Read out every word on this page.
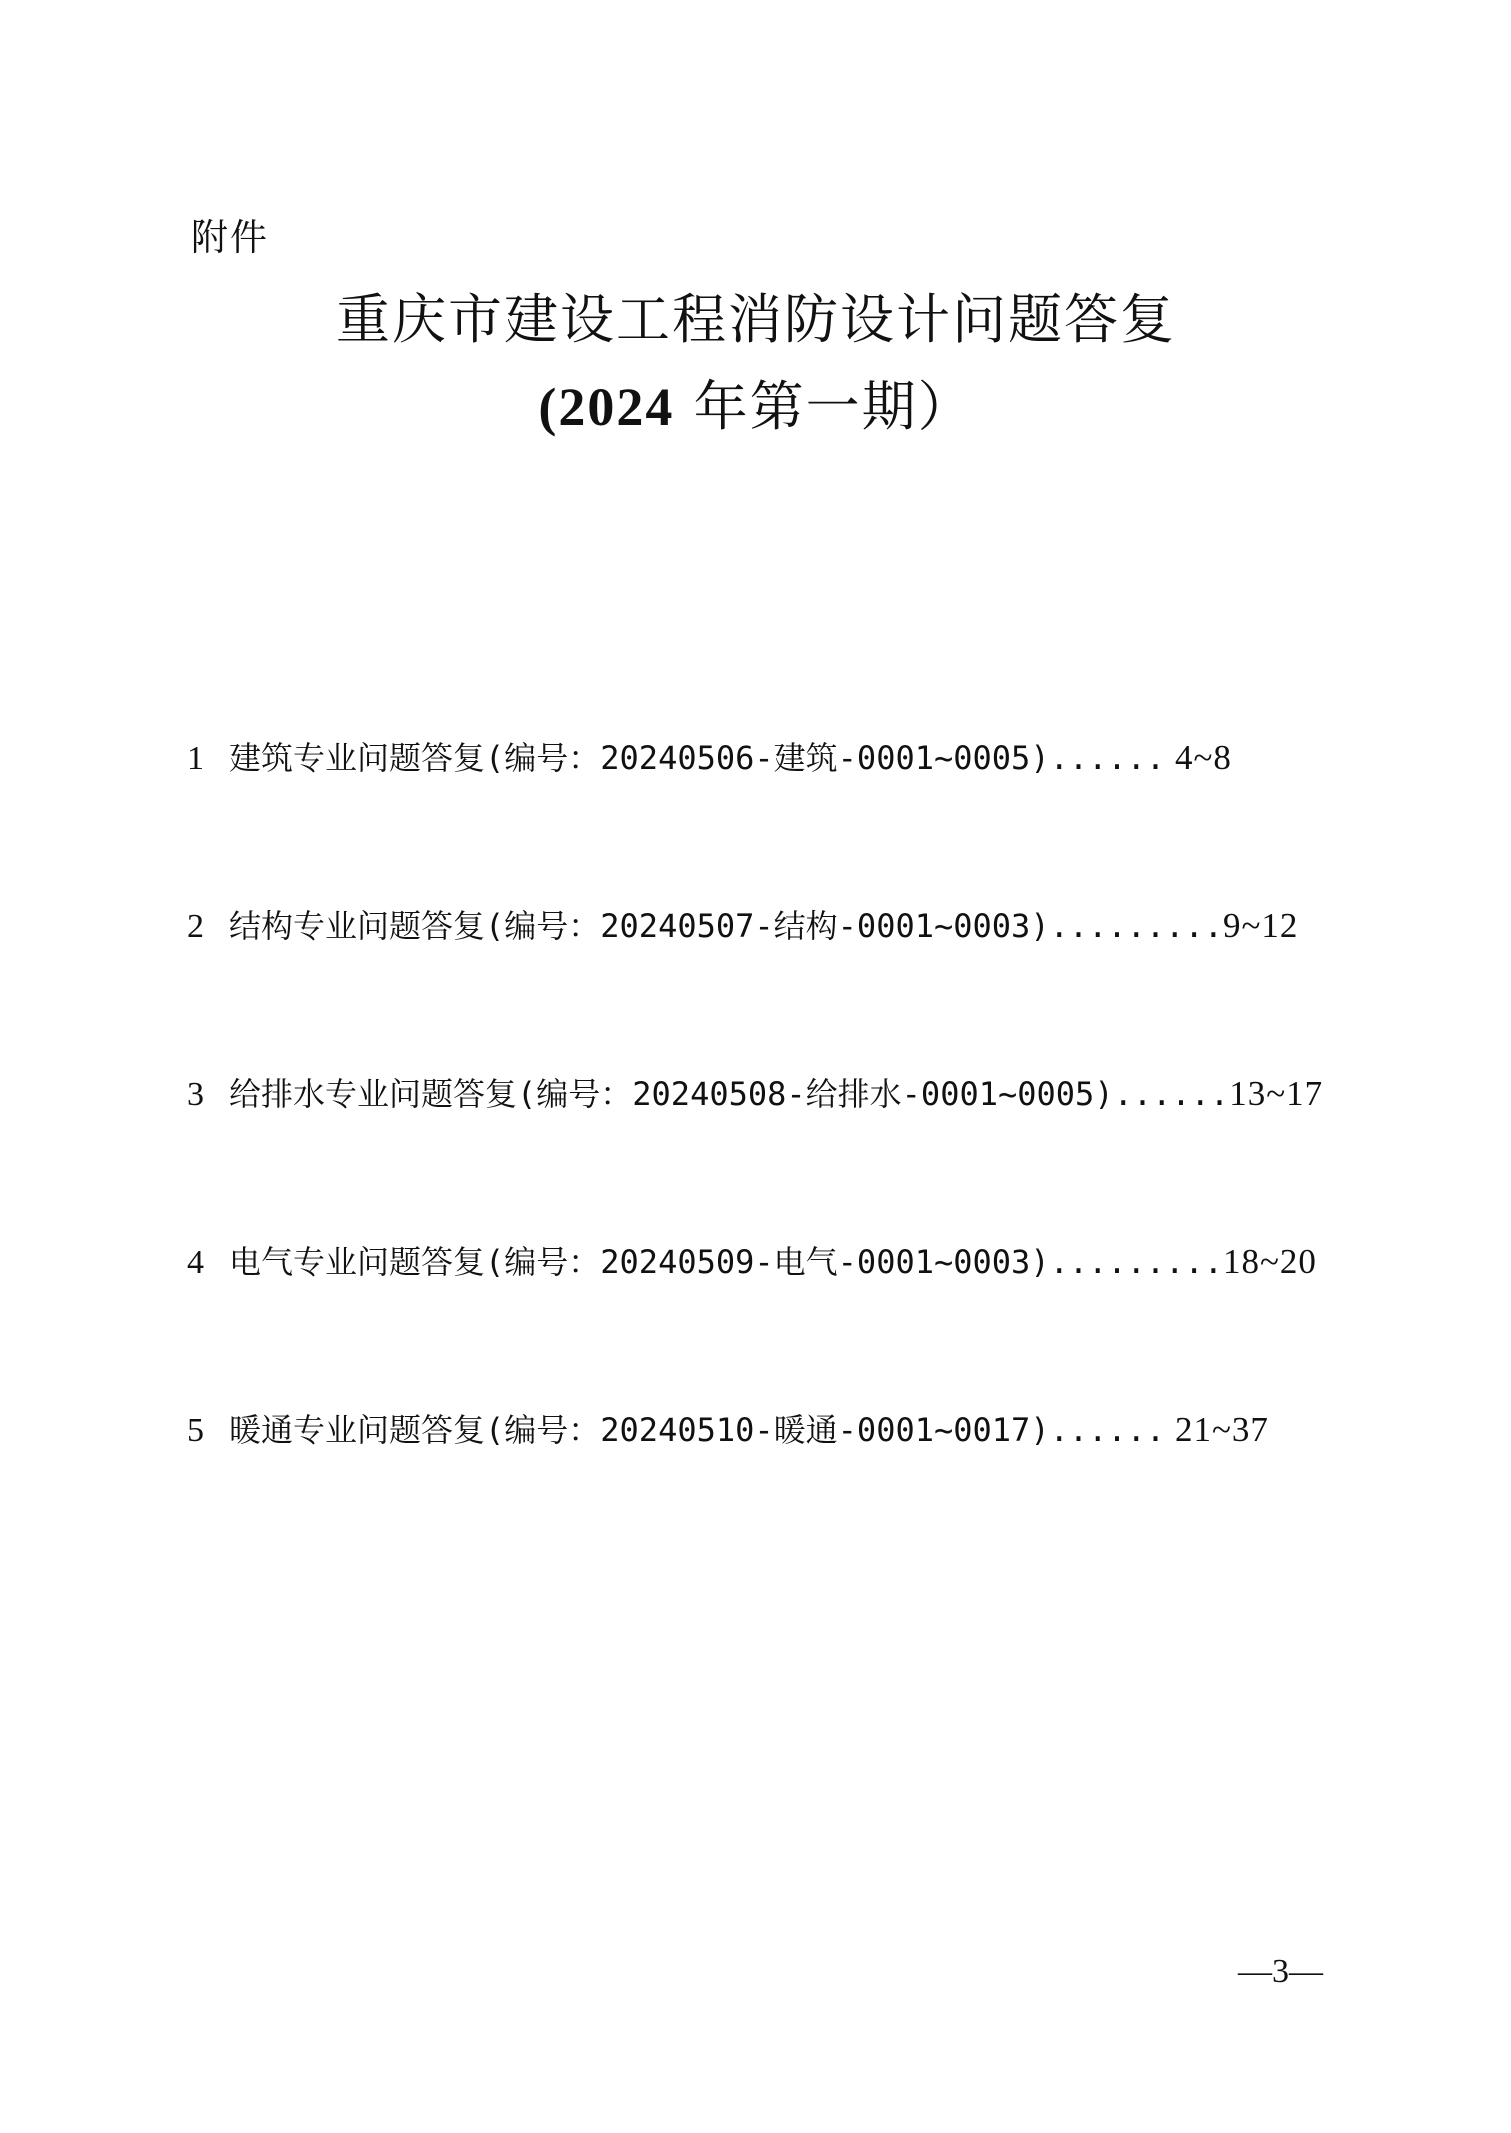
附件
重庆市建设工程消防设计问题答复
(2024 年第一期）
1 建筑专业问题答复(编号：20240506-建筑-0001~0005)...... 4~8
2 结构专业问题答复(编号：20240507-结构-0001~0003).........9~12
3 给排水专业问题答复(编号：20240508-给排水-0001~0005)......13~17
4 电气专业问题答复(编号：20240509-电气-0001~0003).........18~20
5 暖通专业问题答复(编号：20240510-暖通-0001~0017)...... 21~37
—3—
